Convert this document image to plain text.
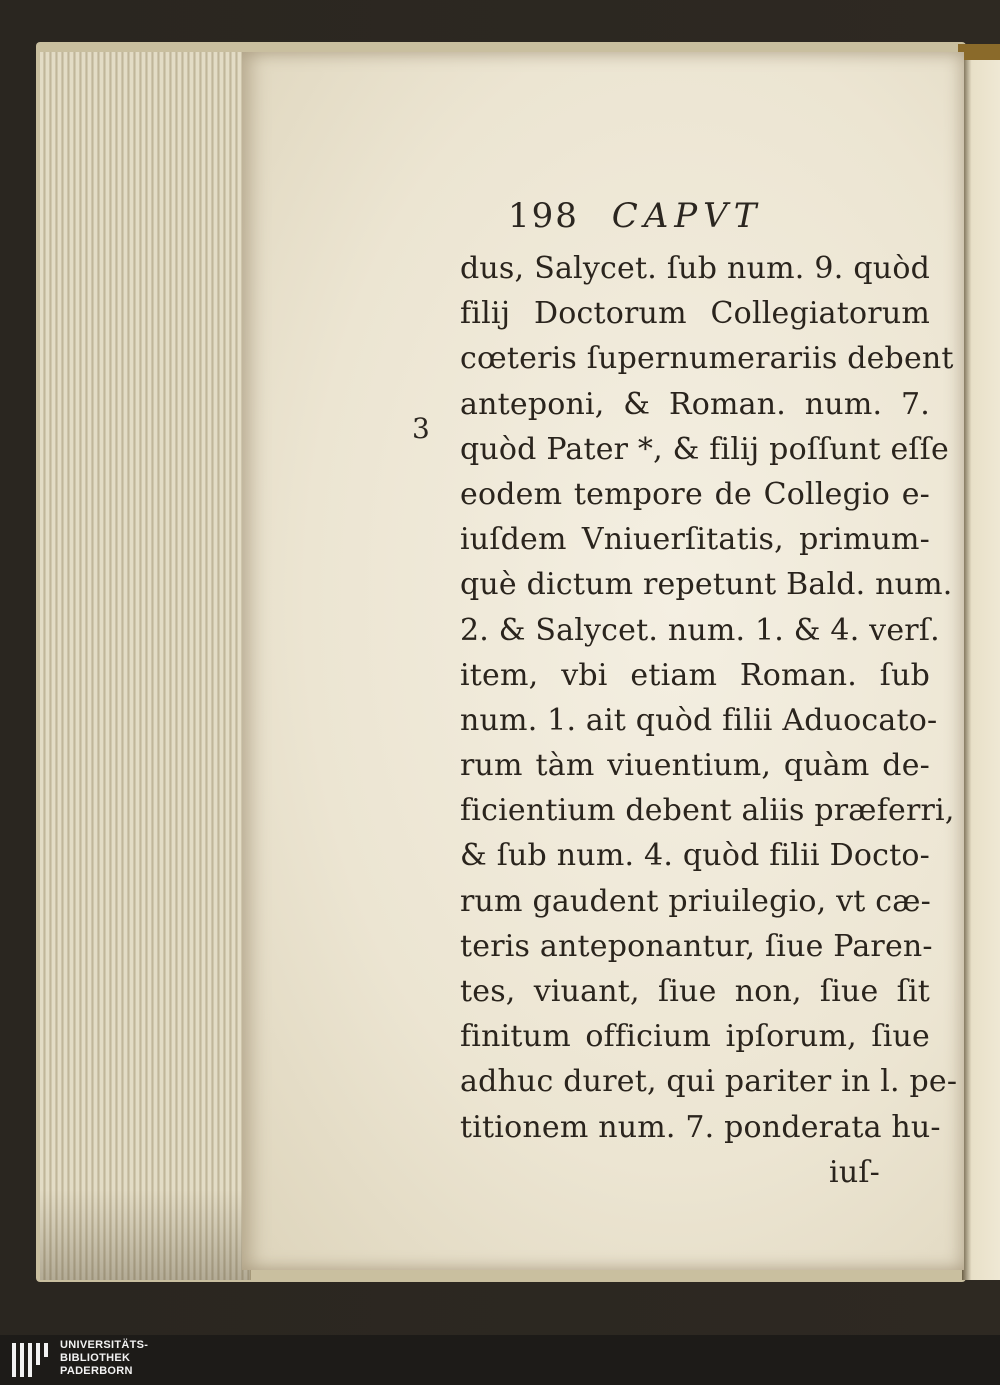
198 CAPVT
3
dus, Salycet. ſub num. 9. quòd
filij Doctorum Collegiatorum
cœteris ſupernumerariis debent
anteponi, & Roman. num. 7.
quòd Pater *, & filij poſſunt eſſe
eodem tempore de Collegio e-
iuſdem Vniuerſitatis, primum-
què dictum repetunt Bald. num.
2. & Salycet. num. 1. & 4. verſ.
item, vbi etiam Roman. ſub
num. 1. ait quòd filii Aduocato-
rum tàm viuentium, quàm de-
ficientium debent aliis præferri,
& ſub num. 4. quòd filii Docto-
rum gaudent priuilegio, vt cæ-
teris anteponantur, ſiue Paren-
tes, viuant, ſiue non, ſiue ſit
finitum officium ipſorum, ſiue
adhuc duret, qui pariter in l. pe-
titionem num. 7. ponderata hu-
iuſ-
UNIVERSITÄTS-
BIBLIOTHEK
PADERBORN
